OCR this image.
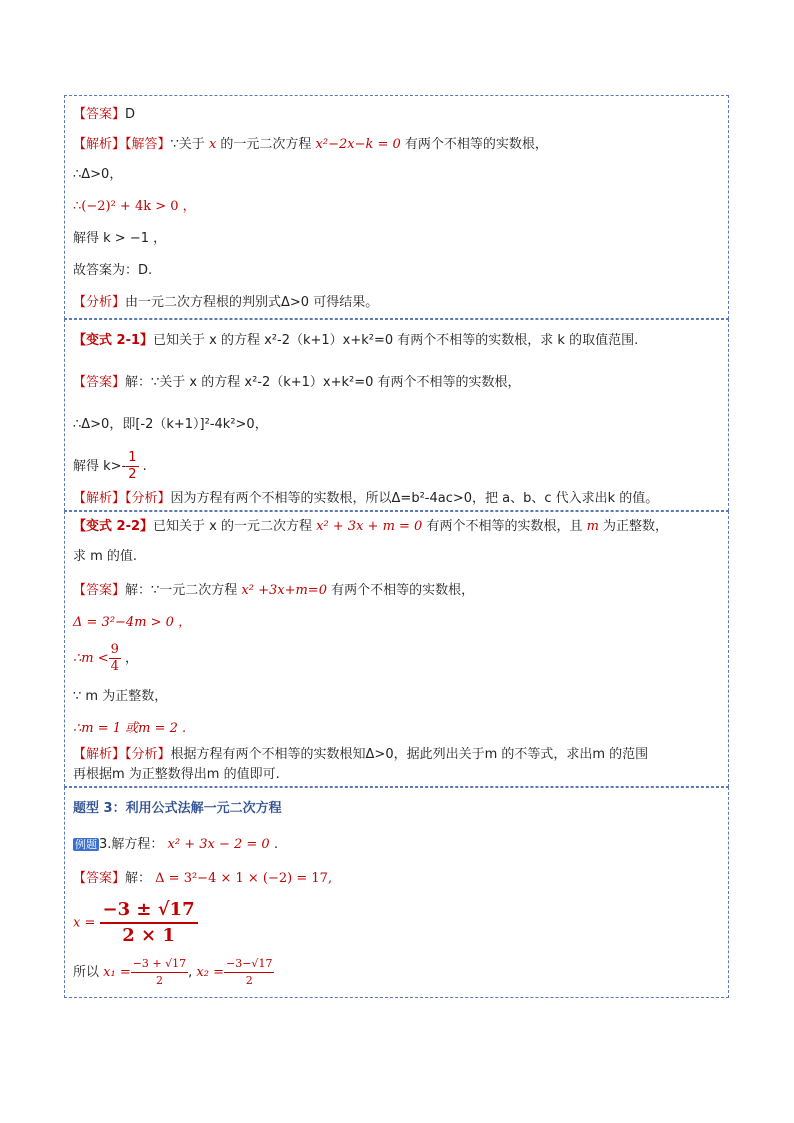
【答案】D
【解析】【解答】∵关于 x 的一元二次方程 x²−2x−k = 0 有两个不相等的实数根，
∴Δ>0，
∴(−2)² + 4k > 0 ，
解得 k > −1 ，
故答案为：D.
【分析】由一元二次方程根的判别式Δ>0 可得结果。
【变式 2-1】已知关于 x 的方程 x²-2（k+1）x+k²=0 有两个不相等的实数根，求 k 的取值范围.
【答案】解：∵关于 x 的方程 x²-2（k+1）x+k²=0 有两个不相等的实数根，
∴Δ>0，即[-2（k+1）]²-4k²>0，
解得 $k>- \frac{1}{2}$ .
【解析】【分析】因为方程有两个不相等的实数根，所以Δ=b²-4ac>0，把 a、b、c 代入求出k 的值。
【变式 2-2】已知关于 x 的一元二次方程 x² + 3x + m = 0 有两个不相等的实数根，且 m 为正整数，
求 m 的值.
【答案】解：∵一元二次方程 x² +3x+m=0 有两个不相等的实数根，
Δ = 3²−4m > 0 ，
∴m < $\frac{9}{4}$ ，
∵ m 为正整数，
∴m = 1 或m = 2 .
【解析】【分析】根据方程有两个不相等的实数根知Δ>0，据此列出关于m 的不等式，求出m 的范围
再根据m 为正整数得出m 的值即可.
题型 3：利用公式法解一元二次方程
例题 3.解方程： x² + 3x − 2 = 0 .
【答案】解： Δ = 3²−4 × 1 × (−2) = 17,
$x = \frac{-3 \pm √17}{2 \times 1}$
所以 $x_1 = \frac{-3 + √17}{2}$ , $x_2 = \frac{-3-√17}{2}$
